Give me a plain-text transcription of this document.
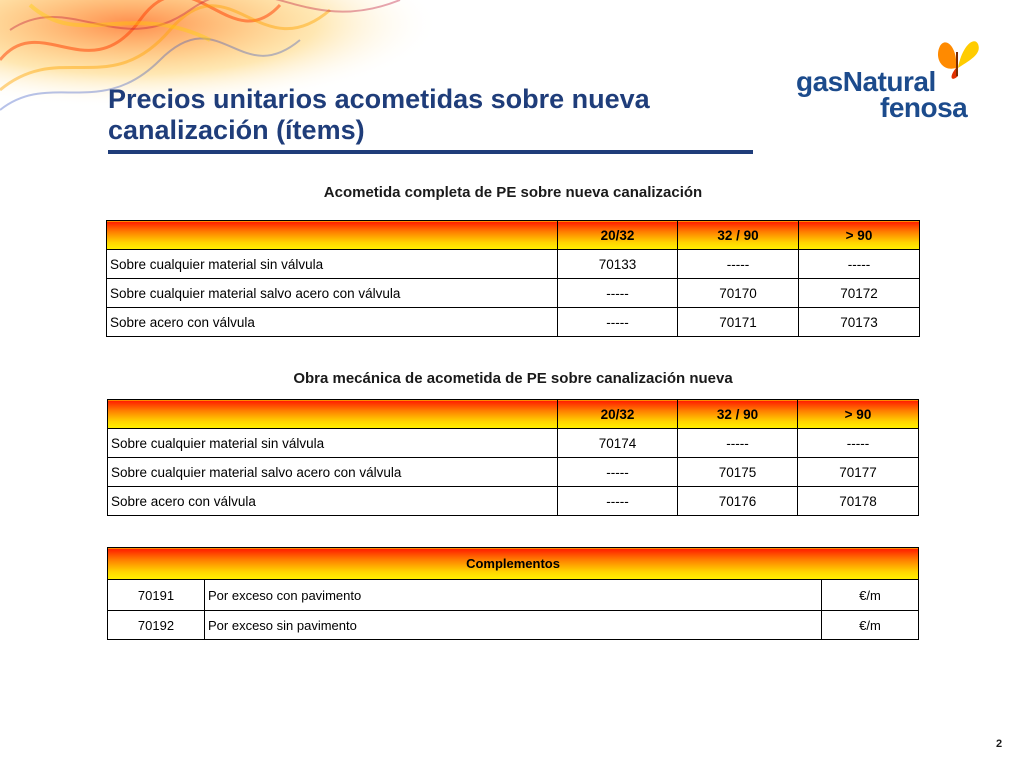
Precios unitarios acometidas sobre nueva
canalización (ítems)
gasNatural
fenosa
Acometida completa de PE sobre nueva canalización
	20/32	32 / 90	> 90
Sobre cualquier material sin válvula	70133	-----	-----
Sobre cualquier material salvo acero con válvula	-----	70170	70172
Sobre acero con válvula	-----	70171	70173
Obra mecánica de acometida de PE sobre canalización nueva
	20/32	32 / 90	> 90
Sobre cualquier material sin válvula	70174	-----	-----
Sobre cualquier material salvo acero con válvula	-----	70175	70177
Sobre acero con válvula	-----	70176	70178
Complementos		
70191	Por exceso con pavimento	€/m
70192	Por exceso sin pavimento	€/m
2
